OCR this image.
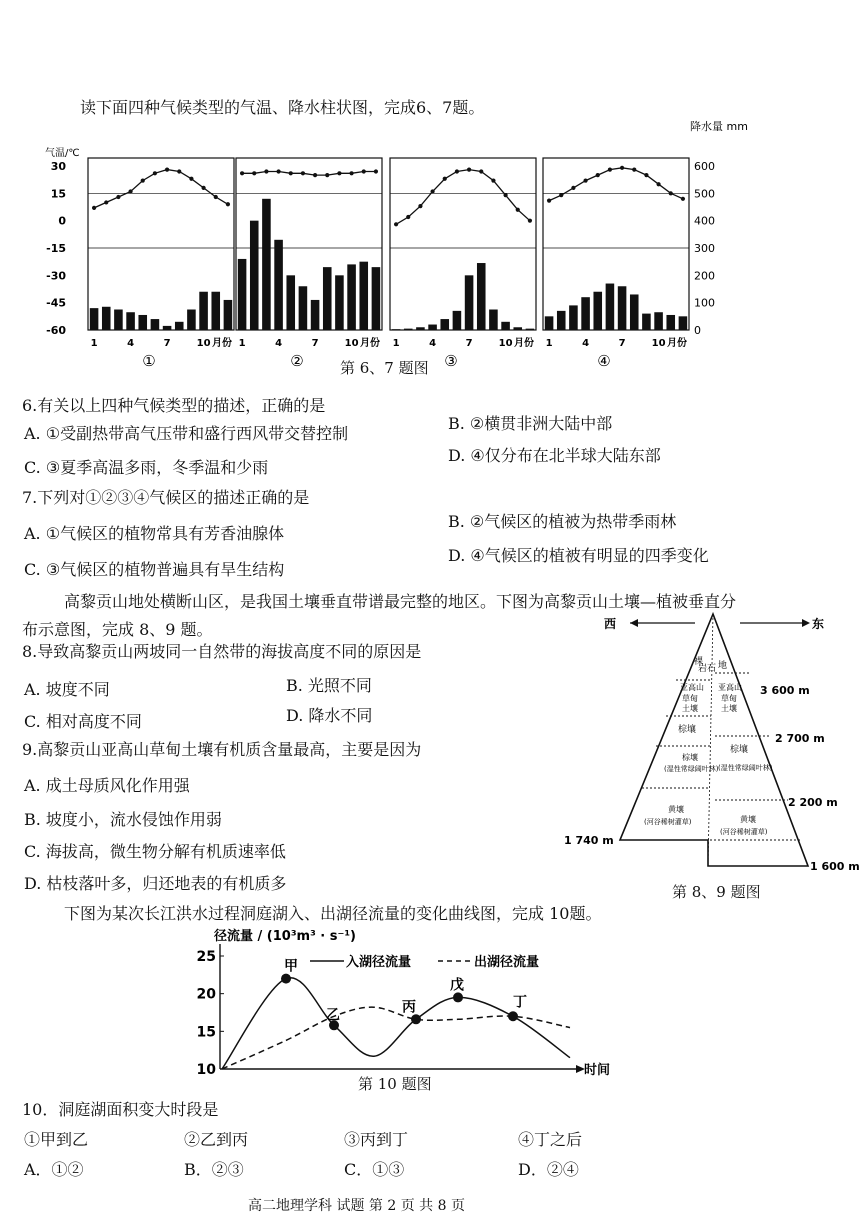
读下面四种气候类型的气温、降水柱状图，完成6、7题。
降水量 mm
气温/℃
30
15
0
-15
-30
-45
-60
600
500
400
300
200
100
0
1	4	7	10 月份
①
1	4	7	10 月份
②
1	4	7	10 月份
③
1	4	7	10 月份
④
第 6、7 题图
6.有关以上四种气候类型的描述，正确的是
A. ①受副热带高气压带和盛行西风带交替控制
B. ②横贯非洲大陆中部
C. ③夏季高温多雨，冬季温和少雨
D. ④仅分布在北半球大陆东部
7.下列对①②③④气候区的描述正确的是
A. ①气候区的植物常具有芳香油腺体
B. ②气候区的植被为热带季雨林
C. ③气候区的植物普遍具有旱生结构
D. ④气候区的植被有明显的四季变化
高黎贡山地处横断山区，是我国土壤垂直带谱最完整的地区。下图为高黎贡山土壤—植被垂直分
布示意图，完成 8、9 题。
8.导致高黎贡山两坡同一自然带的海拔高度不同的原因是
A. 坡度不同	B. 光照不同
C. 相对高度不同	D. 降水不同
9.高黎贡山亚高山草甸土壤有机质含量最高，主要是因为
A. 成土母质风化作用强
B. 坡度小，流水侵蚀作用弱
C. 海拔高，微生物分解有机质速率低
D. 枯枝落叶多，归还地表的有机质多
西	东
岩石
裸 地
亚高山
草甸
土壤
亚高山
草甸
土壤
棕壤
棕壤
(湿性常绿阔叶林)
棕壤
(湿性常绿阔叶林)
黄壤
(河谷稀树灌草)	黄壤
(河谷稀树灌草)
3 600 m
2 700 m
2 200 m
1 740 m
1 600 m
第 8、9 题图
下图为某次长江洪水过程洞庭湖入、出湖径流量的变化曲线图，完成 10题。
径流量 / (10³m³ · s⁻¹)
入湖径流量	出湖径流量
时间
25
20
15
10
甲
乙
丙
戊
丁
第 10 题图
10．洞庭湖面积变大时段是
①甲到乙	②乙到丙	③丙到丁	④丁之后
A．①②	B．②③	C．①③	D．②④
高二地理学科 试题 第 2 页 共 8 页
